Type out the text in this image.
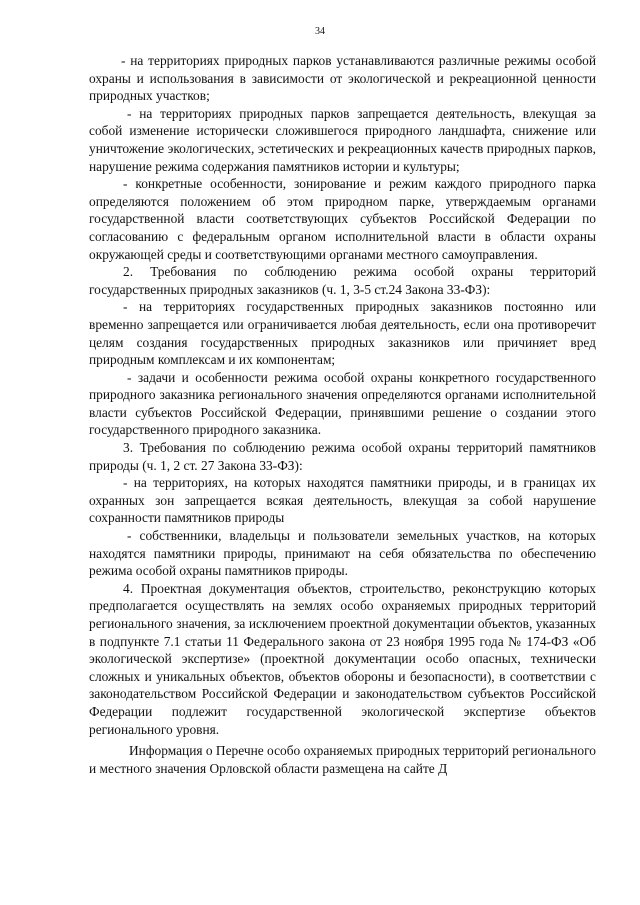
34

- на территориях природных парков устанавливаются различные режимы особой охраны и использования в зависимости от экологической и рекреационной ценности природных участков;

- на территориях природных парков запрещается деятельность, влекущая за собой изменение исторически сложившегося природного ландшафта, снижение или уничтожение экологических, эстетических и рекреационных качеств природных парков, нарушение режима содержания памятников истории и культуры;

- конкретные особенности, зонирование и режим каждого природного парка определяются положением об этом природном парке, утверждаемым органами государственной власти соответствующих субъектов Российской Федерации по согласованию с федеральным органом исполнительной власти в области охраны окружающей среды и соответствующими органами местного самоуправления.

2. Требования по соблюдению режима особой охраны территорий государственных природных заказников (ч. 1, 3-5 ст.24 Закона 33-ФЗ):

- на территориях государственных природных заказников постоянно или временно запрещается или ограничивается любая деятельность, если она противоречит целям создания государственных природных заказников или причиняет вред природным комплексам и их компонентам;

- задачи и особенности режима особой охраны конкретного государственного природного заказника регионального значения определяются органами исполнительной власти субъектов Российской Федерации, принявшими решение о создании этого государственного природного заказника.

3. Требования по соблюдению режима особой охраны территорий памятников природы (ч. 1, 2 ст. 27 Закона 33-ФЗ):

- на территориях, на которых находятся памятники природы, и в границах их охранных зон запрещается всякая деятельность, влекущая за собой нарушение сохранности памятников природы

- собственники, владельцы и пользователи земельных участков, на которых находятся памятники природы, принимают на себя обязательства по обеспечению режима особой охраны памятников природы.

4. Проектная документация объектов, строительство, реконструкцию которых предполагается осуществлять на землях особо охраняемых природных территорий регионального значения, за исключением проектной документации объектов, указанных в подпункте 7.1 статьи 11 Федерального закона от 23 ноября 1995 года № 174-ФЗ «Об экологической экспертизе» (проектной документации особо опасных, технически сложных и уникальных объектов, объектов обороны и безопасности), в соответствии с законодательством Российской Федерации и законодательством субъектов Российской Федерации подлежит государственной экологической экспертизе объектов регионального уровня.

Информация о Перечне особо охраняемых природных территорий регионального и местного значения Орловской области размещена на сайте Д
